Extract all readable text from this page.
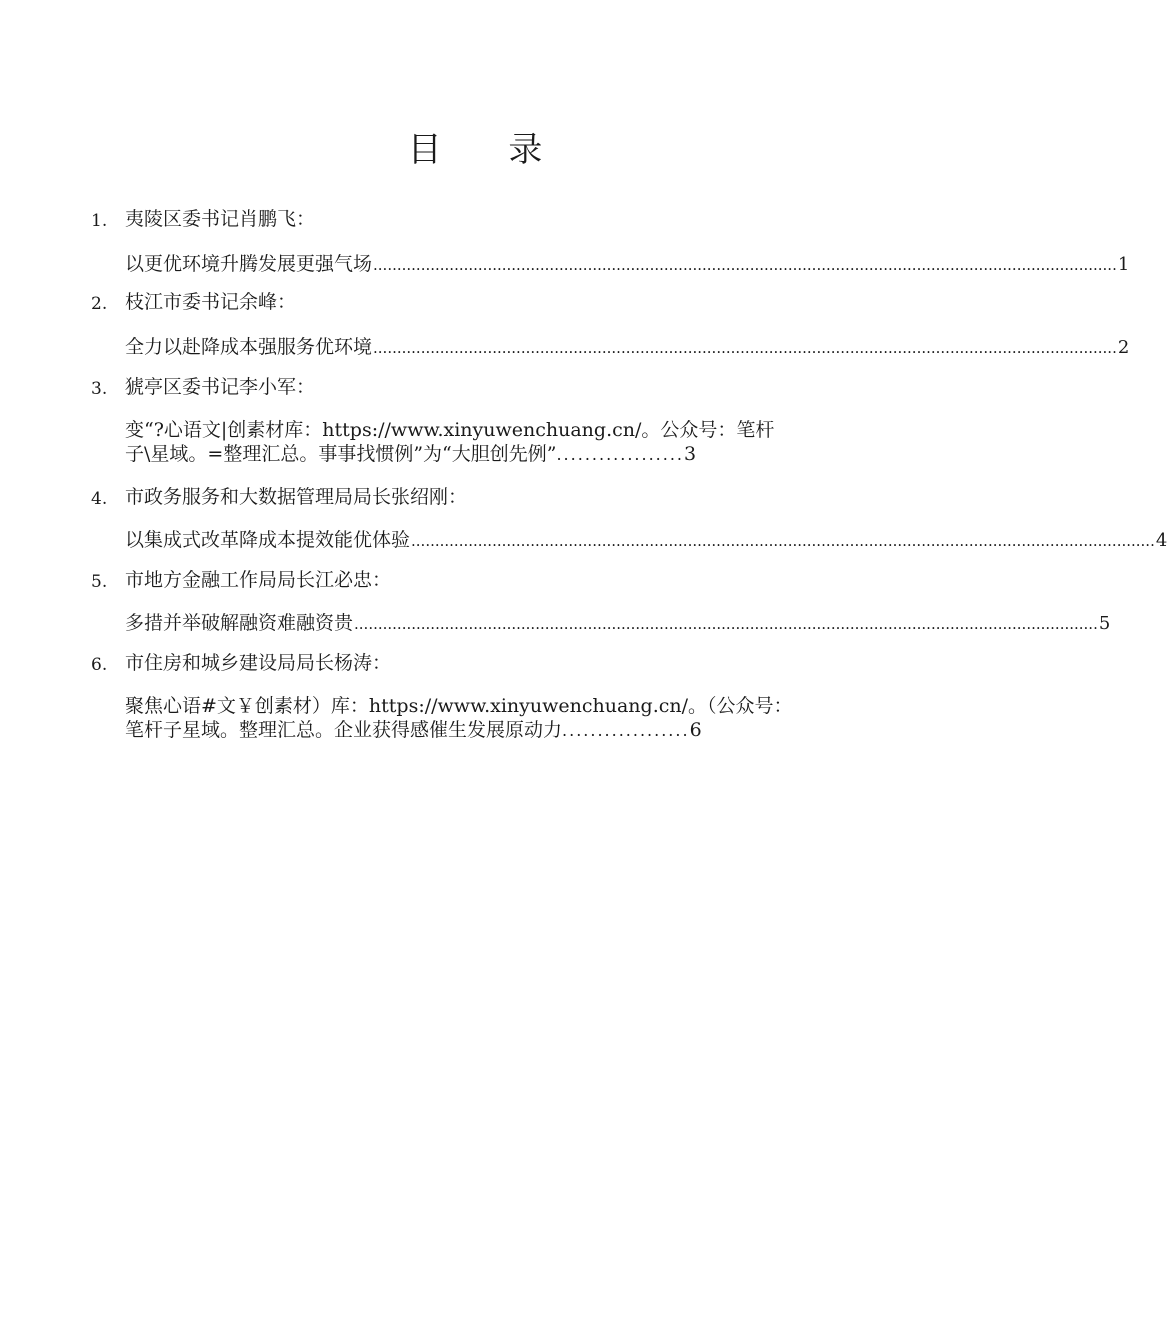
目 录
1. 夷陵区委书记肖鹏飞：
以更优环境升腾发展更强气场 ............................................................................................................................................................ 1
2. 枝江市委书记余峰：
全力以赴降成本强服务优环境 ............................................................................................................................................................ 2
3. 猇亭区委书记李小军：
变“?心语文|创素材库：https://www.xinyuwenchuang.cn/。公众号：笔杆
子\星域。=整理汇总。事事找惯例”为“大胆创先例”..................3
4. 市政务服务和大数据管理局局长张绍刚：
以集成式改革降成本提效能优体验 ............................................................................................................................................................ 4
5. 市地方金融工作局局长江必忠：
多措并举破解融资难融资贵 ............................................................................................................................................................ 5
6. 市住房和城乡建设局局长杨涛：
聚焦心语#文￥创素材）库：https://www.xinyuwenchuang.cn/。（公众号：
笔杆子星域。整理汇总。企业获得感催生发展原动力..................6
